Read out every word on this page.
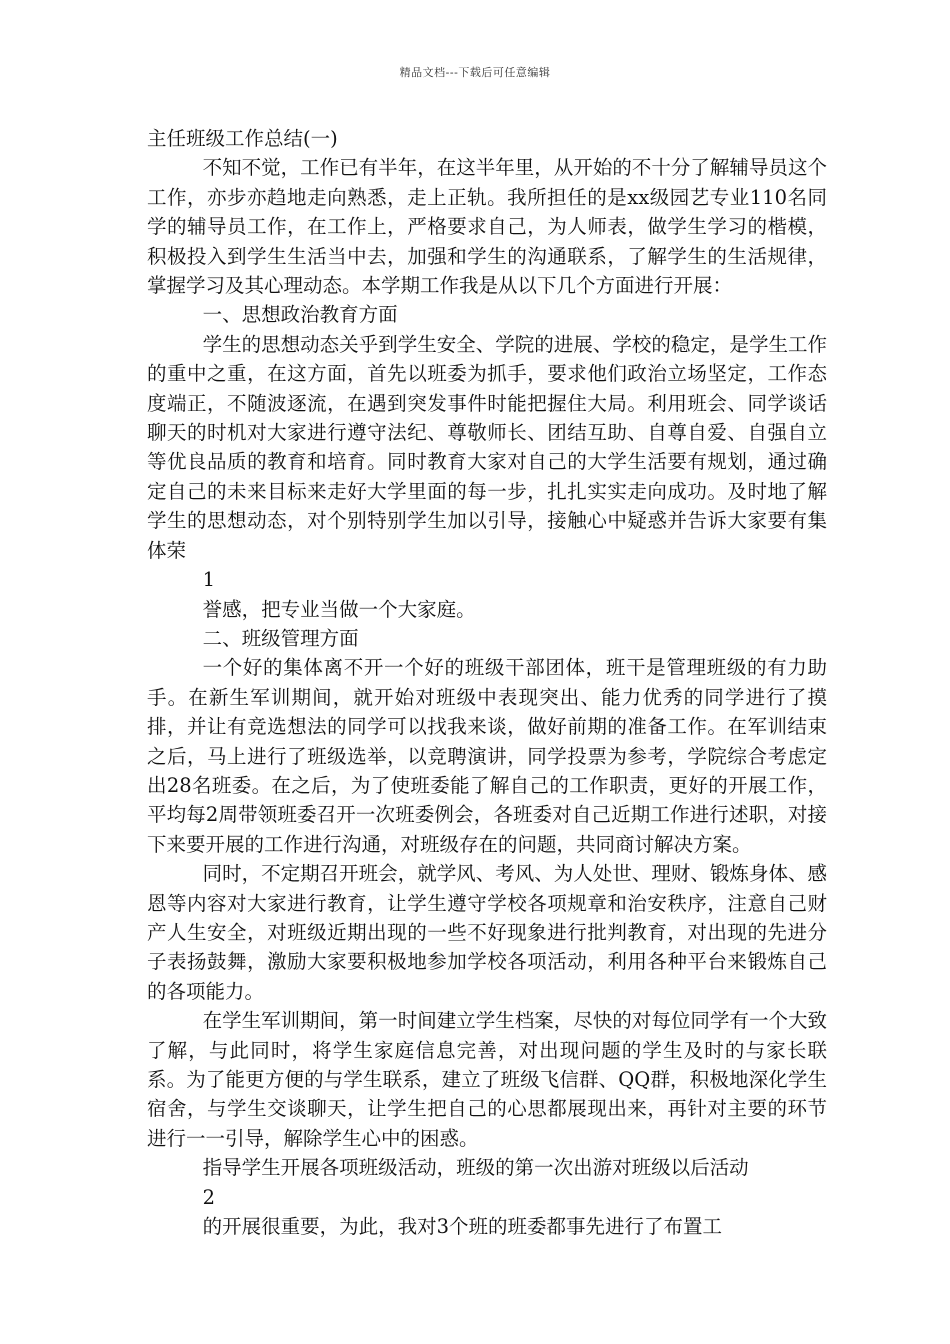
精品文档---下载后可任意编辑

主任班级工作总结(一)

不知不觉，工作已有半年，在这半年里，从开始的不十分了解辅导员这个工作，亦步亦趋地走向熟悉，走上正轨。我所担任的是xx级园艺专业110名同学的辅导员工作，在工作上，严格要求自己，为人师表，做学生学习的楷模，积极投入到学生生活当中去，加强和学生的沟通联系，了解学生的生活规律，掌握学习及其心理动态。本学期工作我是从以下几个方面进行开展：

一、思想政治教育方面

学生的思想动态关乎到学生安全、学院的进展、学校的稳定，是学生工作的重中之重，在这方面，首先以班委为抓手，要求他们政治立场坚定，工作态度端正，不随波逐流，在遇到突发事件时能把握住大局。利用班会、同学谈话聊天的时机对大家进行遵守法纪、尊敬师长、团结互助、自尊自爱、自强自立等优良品质的教育和培育。同时教育大家对自己的大学生活要有规划，通过确定自己的未来目标来走好大学里面的每一步，扎扎实实走向成功。及时地了解学生的思想动态，对个别特别学生加以引导，接触心中疑惑并告诉大家要有集体荣

1

誉感，把专业当做一个大家庭。

二、班级管理方面

一个好的集体离不开一个好的班级干部团体，班干是管理班级的有力助手。在新生军训期间，就开始对班级中表现突出、能力优秀的同学进行了摸排，并让有竞选想法的同学可以找我来谈，做好前期的准备工作。在军训结束之后，马上进行了班级选举，以竞聘演讲，同学投票为参考，学院综合考虑定出28名班委。在之后，为了使班委能了解自己的工作职责，更好的开展工作，平均每2周带领班委召开一次班委例会，各班委对自己近期工作进行述职，对接下来要开展的工作进行沟通，对班级存在的问题，共同商讨解决方案。

同时，不定期召开班会，就学风、考风、为人处世、理财、锻炼身体、感恩等内容对大家进行教育，让学生遵守学校各项规章和治安秩序，注意自己财产人生安全，对班级近期出现的一些不好现象进行批判教育，对出现的先进分子表扬鼓舞，激励大家要积极地参加学校各项活动，利用各种平台来锻炼自己的各项能力。

在学生军训期间，第一时间建立学生档案，尽快的对每位同学有一个大致了解，与此同时，将学生家庭信息完善，对出现问题的学生及时的与家长联系。为了能更方便的与学生联系，建立了班级飞信群、QQ群，积极地深化学生宿舍，与学生交谈聊天，让学生把自己的心思都展现出来，再针对主要的环节进行一一引导，解除学生心中的困惑。

指导学生开展各项班级活动，班级的第一次出游对班级以后活动

2

的开展很重要，为此，我对3个班的班委都事先进行了布置工
